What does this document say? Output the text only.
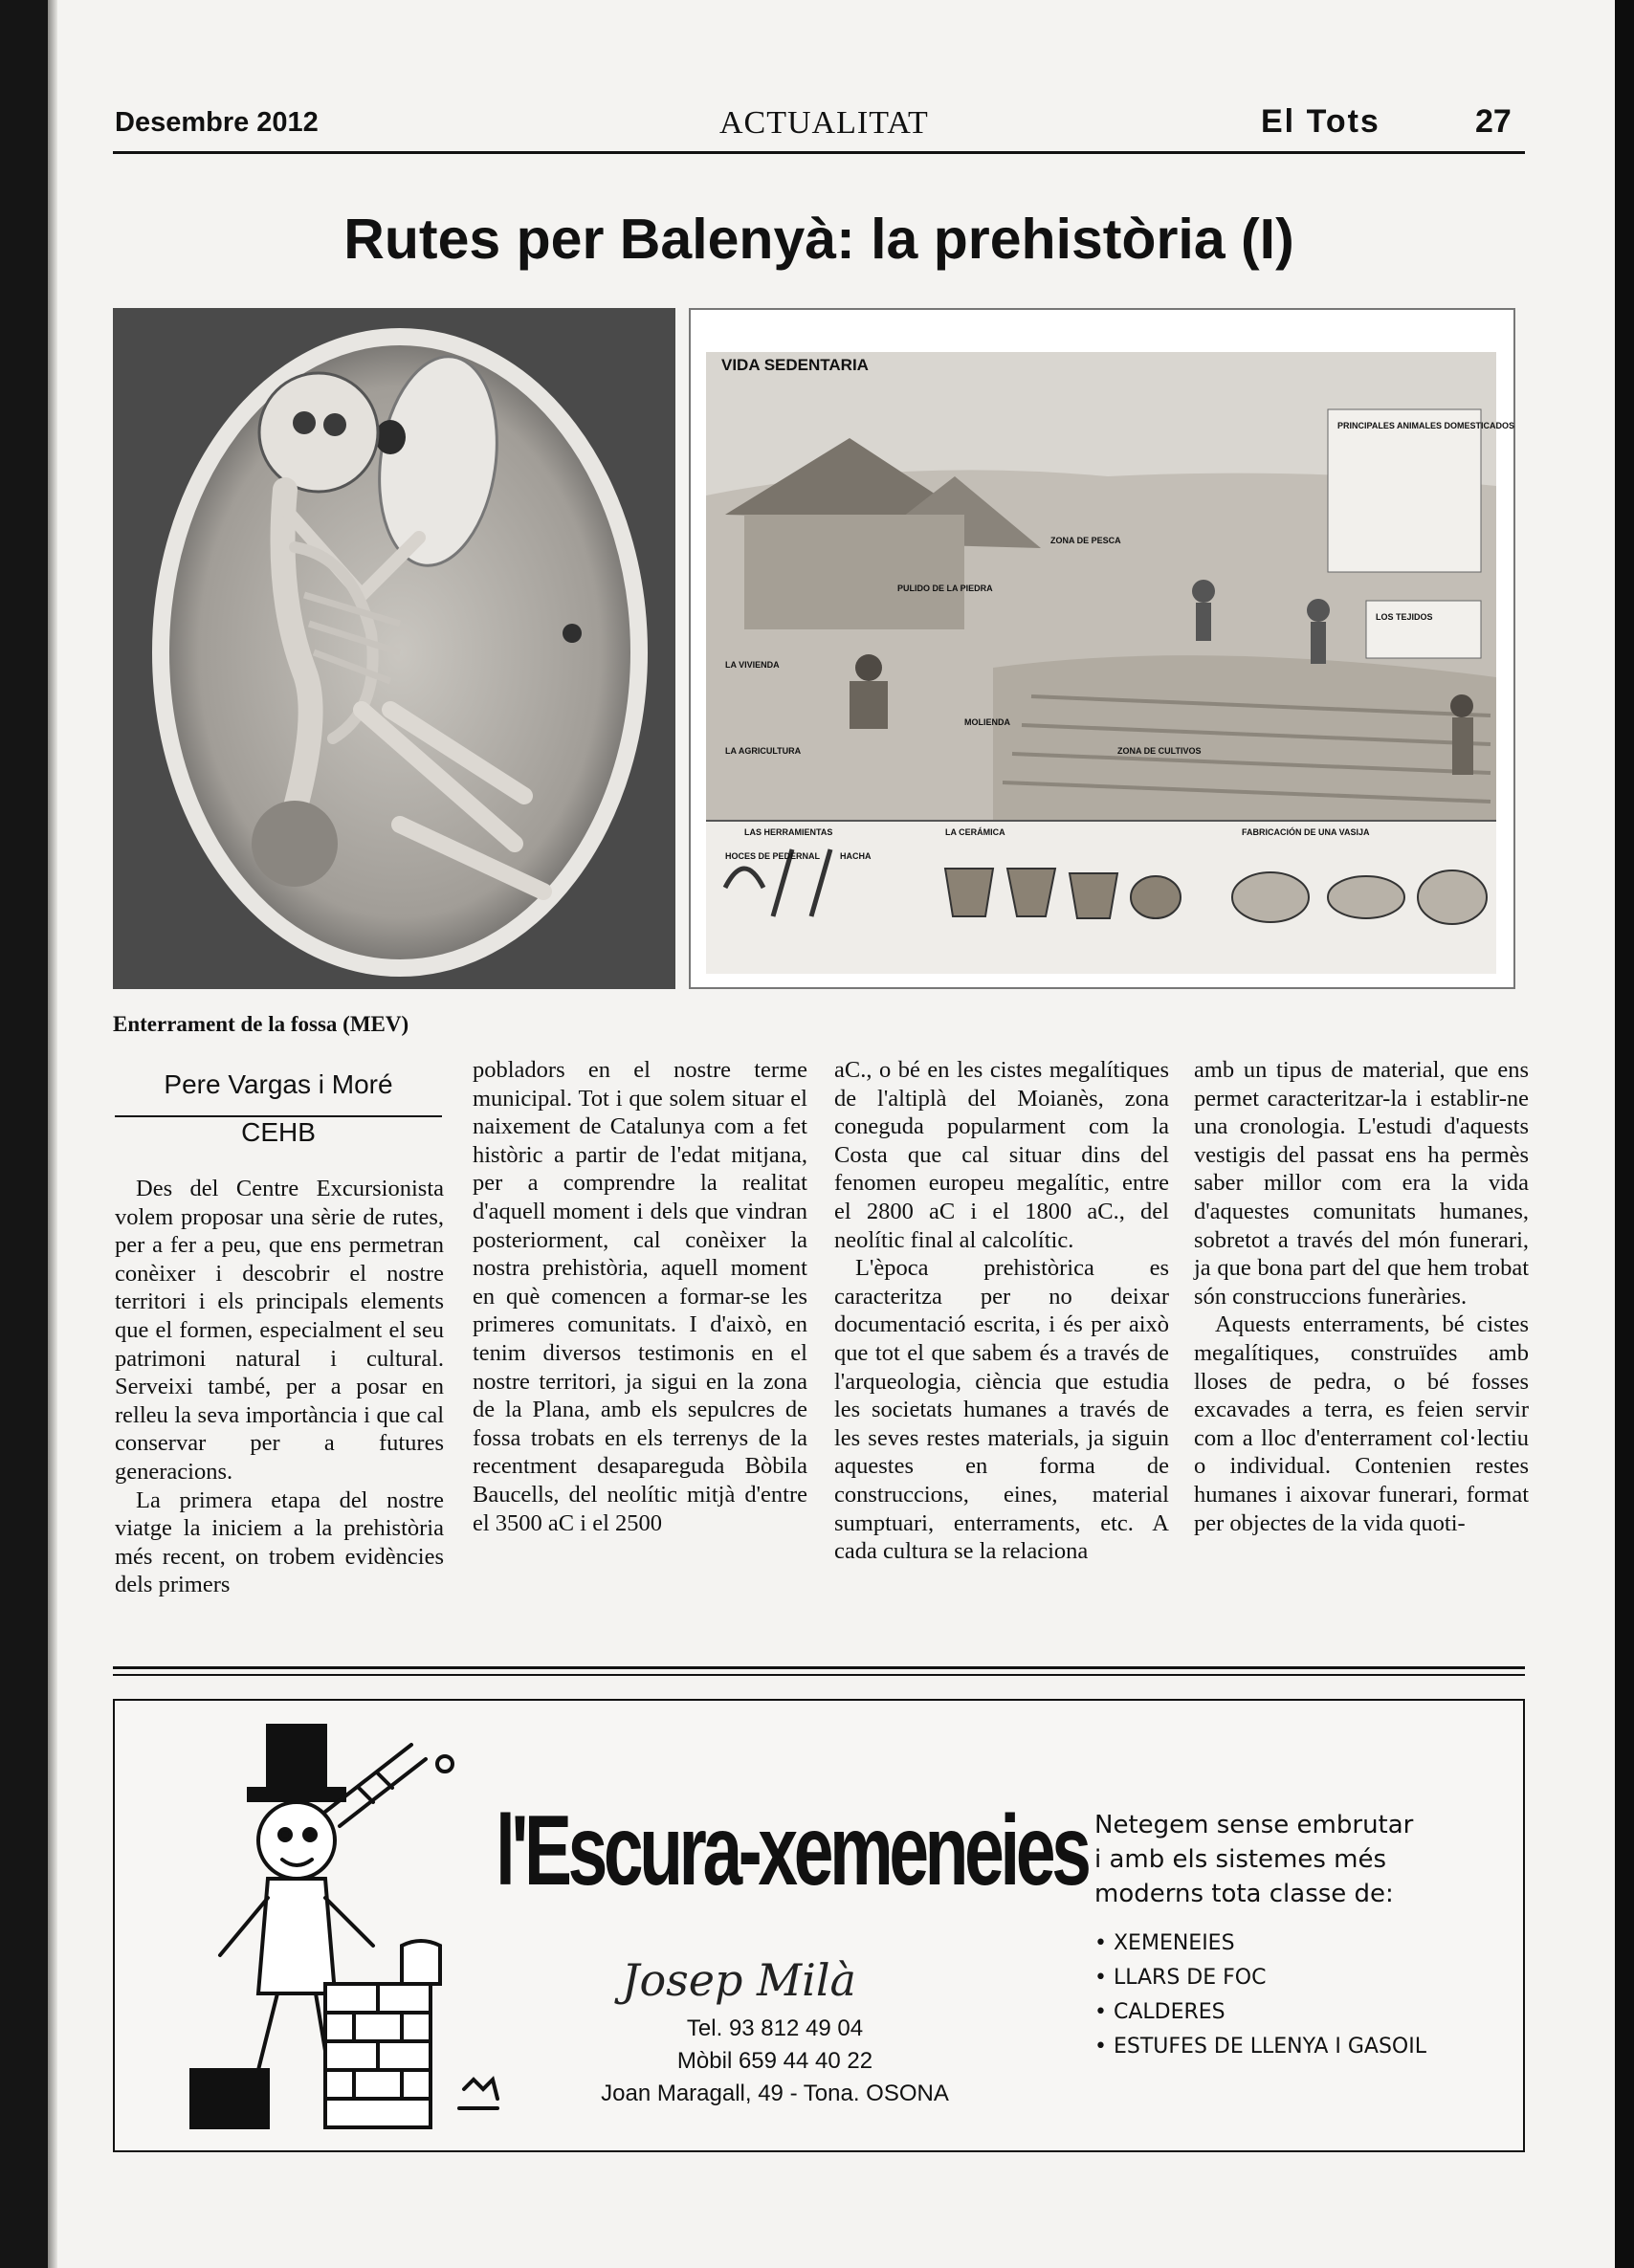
Desembre 2012	ACTUALITAT	El Tots	27
Rutes per Balenyà: la prehistòria (I)
VIDA SEDENTARIA
PRINCIPALES ANIMALES DOMESTICADOS
ZONA DE PESCA
PULIDO DE LA PIEDRA
LA VIVIENDA
LA AGRICULTURA
MOLIENDA
ZONA DE CULTIVOS
LOS TEJIDOS
LAS HERRAMIENTAS	LA CERÁMICA	FABRICACIÓN DE UNA VASIJA
HOCES DE PEDERNAL HACHA
Enterrament de la fossa (MEV)
Pere Vargas i Moré
CEHB

Des del Centre Excursionista volem proposar una sèrie de rutes, per a fer a peu, que ens permetran conèixer i descobrir el nostre territori i els principals elements que el formen, especialment el seu patrimoni natural i cultural. Serveixi també, per a posar en relleu la seva importància i que cal conservar per a futures generacions.

La primera etapa del nostre viatge la iniciem a la prehistòria més recent, on trobem evidències dels primers

pobladors en el nostre terme municipal. Tot i que solem situar el naixement de Catalunya com a fet històric a partir de l'edat mitjana, per a comprendre la realitat d'aquell moment i dels que vindran posteriorment, cal conèixer la nostra prehistòria, aquell moment en què comencen a formar-se les primeres comunitats. I d'això, en tenim diversos testimonis en el nostre territori, ja sigui en la zona de la Plana, amb els sepulcres de fossa trobats en els terrenys de la recentment desapareguda Bòbila Baucells, del neolític mitjà d'entre el 3500 aC i el 2500

aC., o bé en les cistes megalítiques de l'altiplà del Moianès, zona coneguda popularment com la Costa que cal situar dins del fenomen europeu megalític, entre el 2800 aC i el 1800 aC., del neolític final al calcolític.

L'època prehistòrica es caracteritza per no deixar documentació escrita, i és per això que tot el que sabem és a través de l'arqueologia, ciència que estudia les societats humanes a través de les seves restes materials, ja siguin aquestes en forma de construccions, eines, material sumptuari, enterraments, etc. A cada cultura se la relaciona

amb un tipus de material, que ens permet caracteritzar-la i establir-ne una cronologia. L'estudi d'aquests vestigis del passat ens ha permès saber millor com era la vida d'aquestes comunitats humanes, sobretot a través del món funerari, ja que bona part del que hem trobat són construccions funeràries.

Aquests enterraments, bé cistes megalítiques, construïdes amb lloses de pedra, o bé fosses excavades a terra, es feien servir com a lloc d'enterrament col·lectiu o individual. Contenien restes humanes i aixovar funerari, format per objectes de la vida quoti-

l'Escura-xemeneies
Josep Milà
Tel. 93 812 49 04
Mòbil 659 44 40 22
Joan Maragall, 49 - Tona. OSONA
Netegem sense embrutar
i amb els sistemes més
moderns tota classe de:
• XEMENEIES
• LLARS DE FOC
• CALDERES
• ESTUFES DE LLENYA I GASOIL
